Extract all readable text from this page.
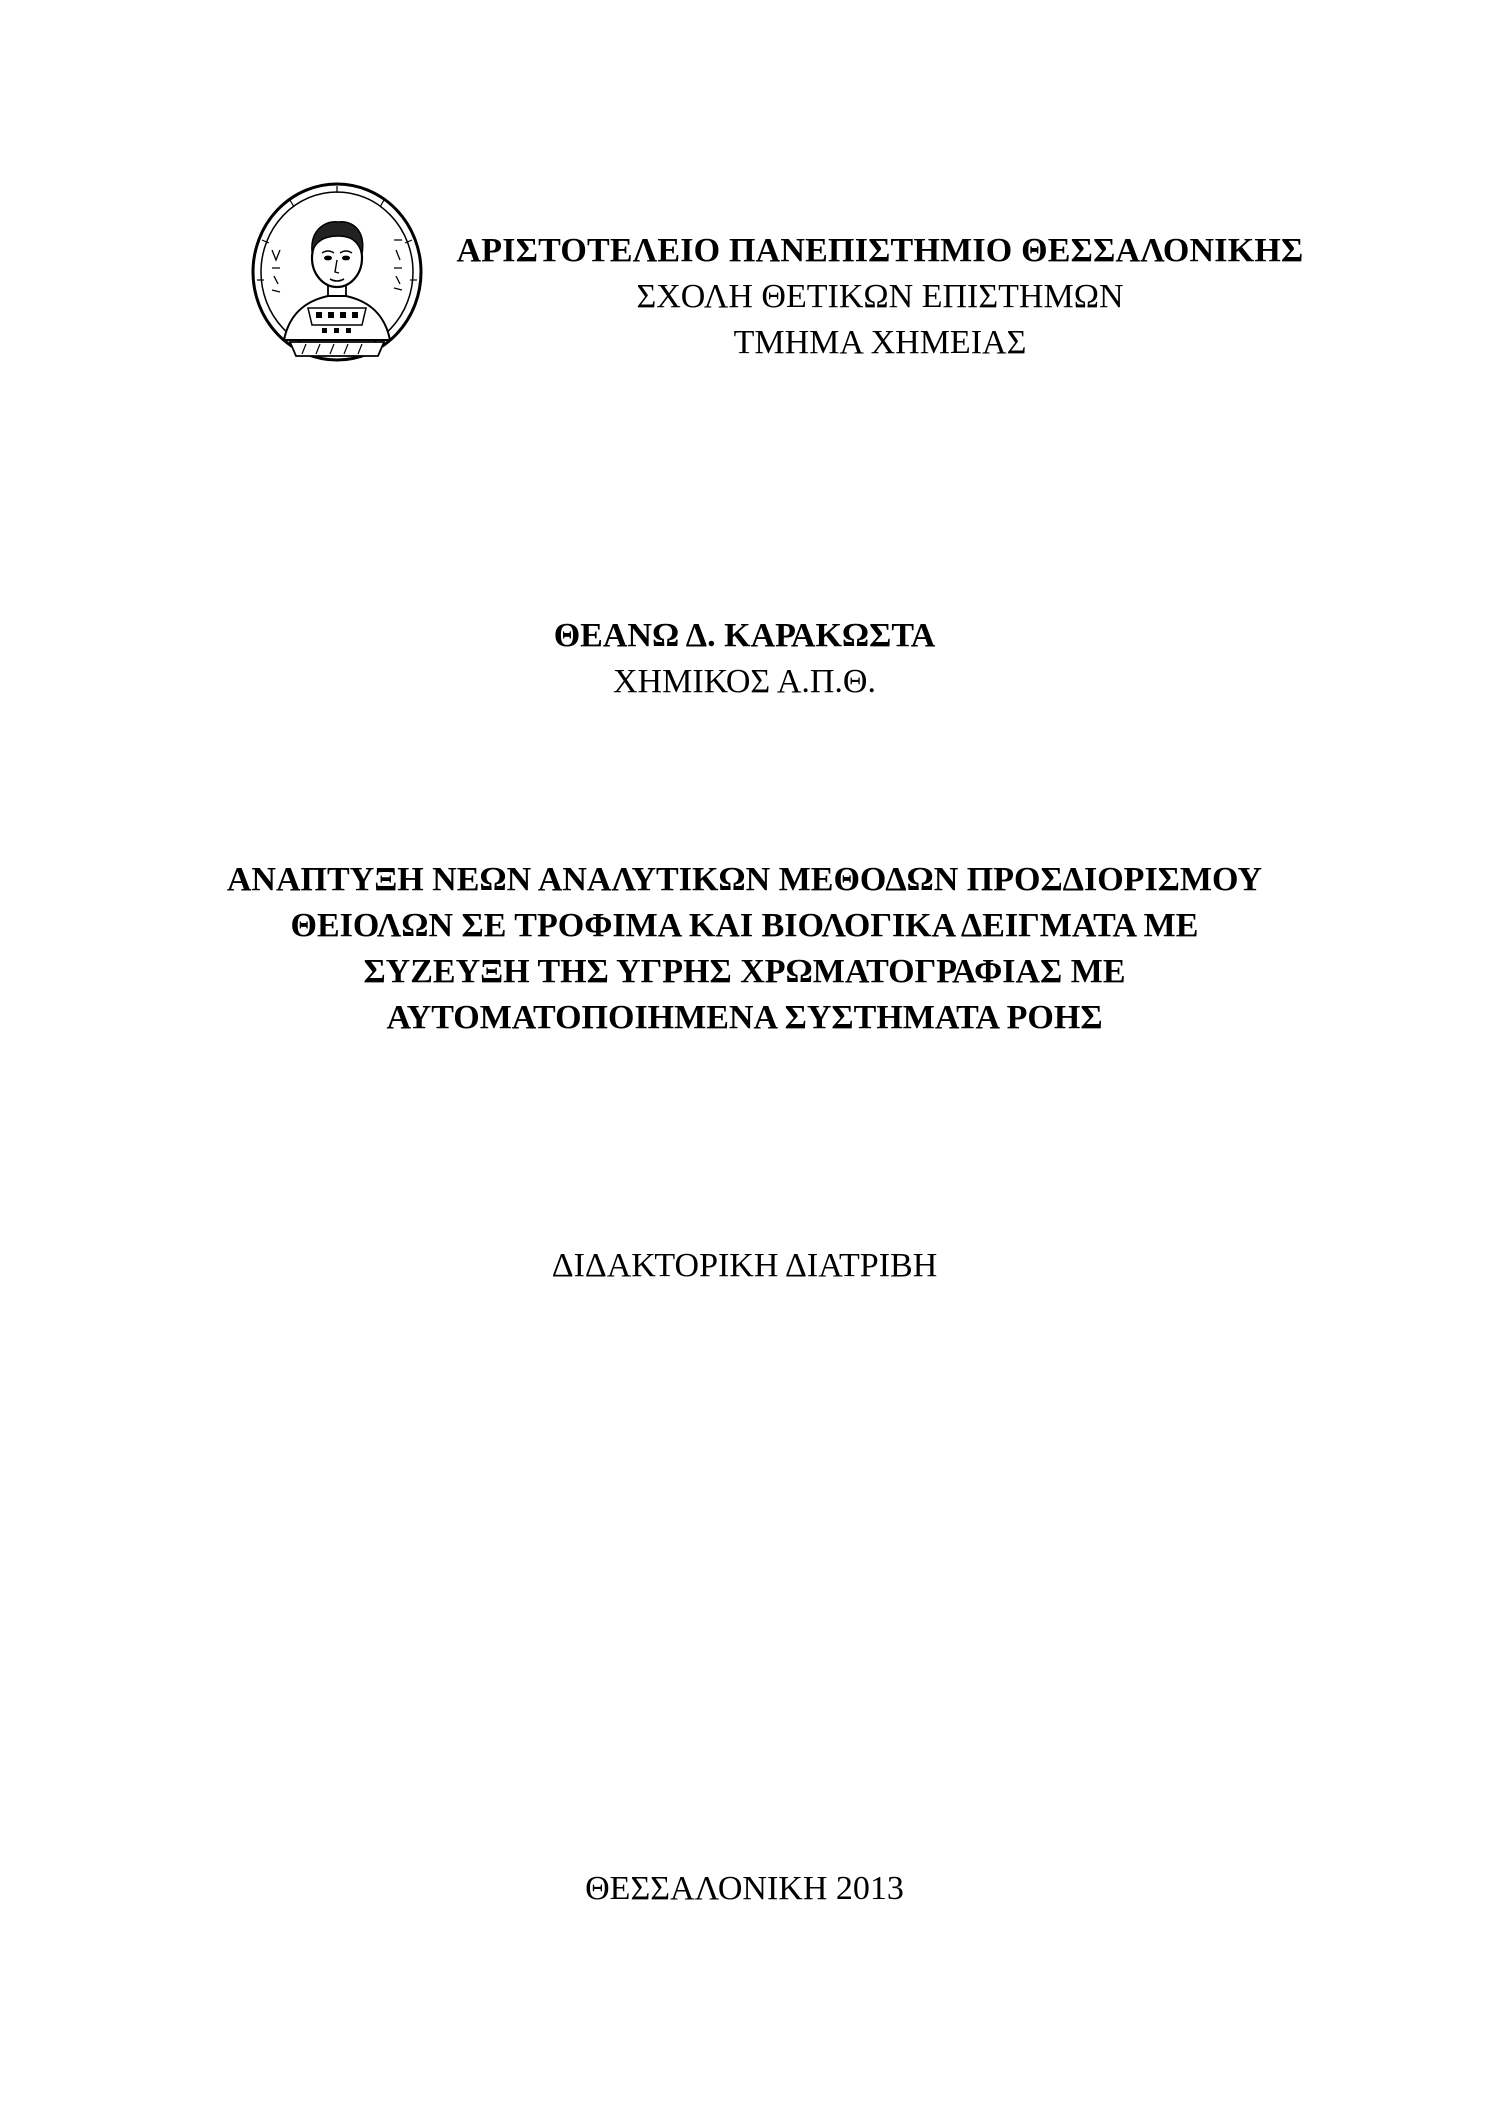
ΑΡΙΣΤΟΤΕΛΕΙΟ ΠΑΝΕΠΙΣΤΗΜΙΟ ΘΕΣΣΑΛΟΝΙΚΗΣ
ΣΧΟΛΗ ΘΕΤΙΚΩΝ ΕΠΙΣΤΗΜΩΝ
ΤΜΗΜΑ ΧΗΜΕΙΑΣ
ΘΕΑΝΩ Δ. ΚΑΡΑΚΩΣΤΑ
ΧΗΜΙΚΟΣ Α.Π.Θ.
ΑΝΑΠΤΥΞΗ ΝΕΩΝ ΑΝΑΛΥΤΙΚΩΝ ΜΕΘΟΔΩΝ ΠΡΟΣΔΙΟΡΙΣΜΟΥ
ΘΕΙΟΛΩΝ ΣΕ ΤΡΟΦΙΜΑ ΚΑΙ ΒΙΟΛΟΓΙΚΑ ΔΕΙΓΜΑΤΑ ΜΕ
ΣΥΖΕΥΞΗ ΤΗΣ ΥΓΡΗΣ ΧΡΩΜΑΤΟΓΡΑΦΙΑΣ ΜΕ
ΑΥΤΟΜΑΤΟΠΟΙΗΜΕΝΑ ΣΥΣΤΗΜΑΤΑ ΡΟΗΣ
ΔΙΔΑΚΤΟΡΙΚΗ ΔΙΑΤΡΙΒΗ
ΘΕΣΣΑΛΟΝΙΚΗ 2013
